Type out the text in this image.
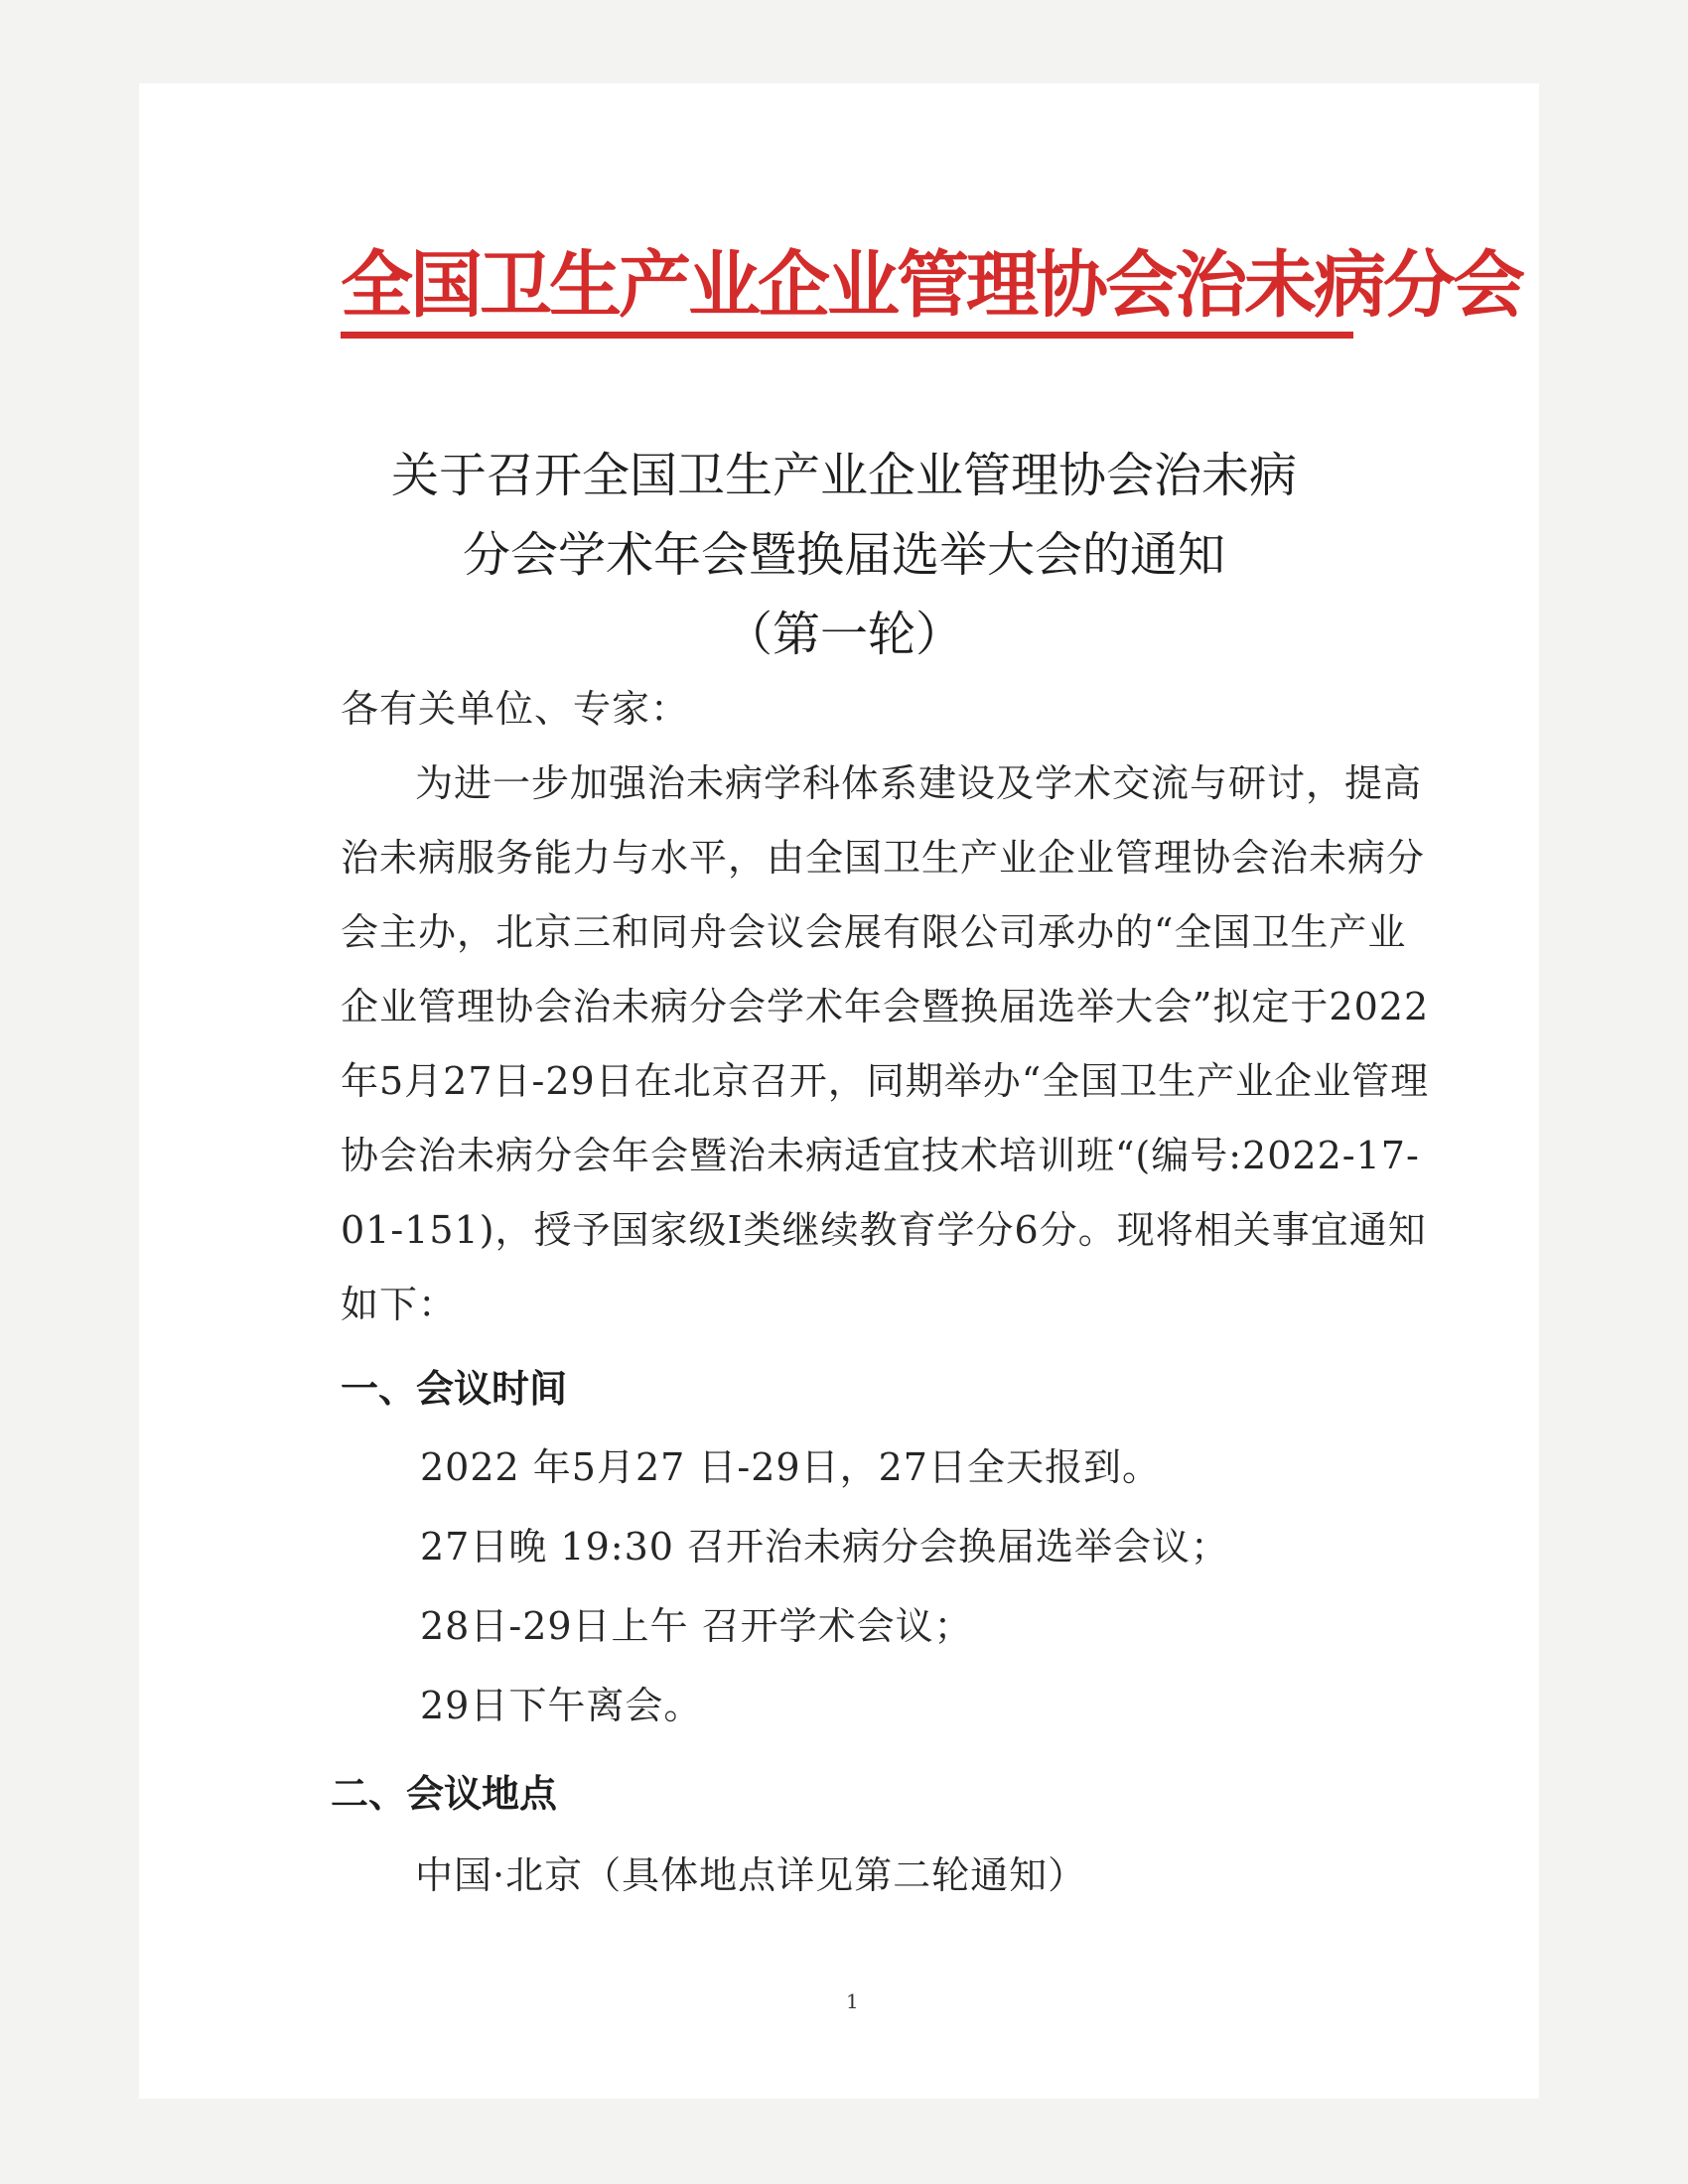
全国卫生产业企业管理协会治未病分会
关于召开全国卫生产业企业管理协会治未病
分会学术年会暨换届选举大会的通知
（第一轮）
各有关单位、专家：
为进一步加强治未病学科体系建设及学术交流与研讨，提高
治未病服务能力与水平，由全国卫生产业企业管理协会治未病分
会主办，北京三和同舟会议会展有限公司承办的“全国卫生产业
企业管理协会治未病分会学术年会暨换届选举大会”拟定于2022
年5月27日-29日在北京召开，同期举办“全国卫生产业企业管理
协会治未病分会年会暨治未病适宜技术培训班“(编号:2022-17-
01-151)，授予国家级I类继续教育学分6分。现将相关事宜通知
如下：
一、会议时间
2022 年5月27 日-29日，27日全天报到。
27日晚 19:30 召开治未病分会换届选举会议；
28日-29日上午 召开学术会议；
29日下午离会。
二、会议地点
中国·北京（具体地点详见第二轮通知）
1
